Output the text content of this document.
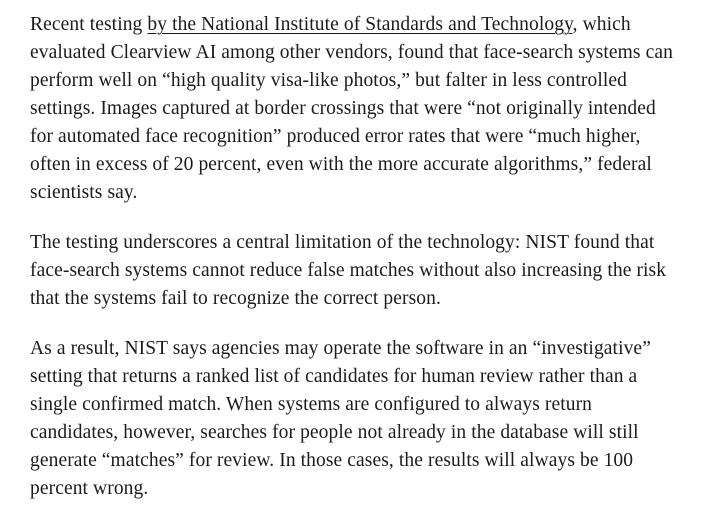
Recent testing by the National Institute of Standards and Technology, which evaluated Clearview AI among other vendors, found that face-search systems can perform well on “high quality visa-like photos,” but falter in less controlled settings. Images captured at border crossings that were “not originally intended for automated face recognition” produced error rates that were “much higher, often in excess of 20 percent, even with the more accurate algorithms,” federal scientists say.

The testing underscores a central limitation of the technology: NIST found that face-search systems cannot reduce false matches without also increasing the risk that the systems fail to recognize the correct person.

As a result, NIST says agencies may operate the software in an “investigative” setting that returns a ranked list of candidates for human review rather than a single confirmed match. When systems are configured to always return candidates, however, searches for people not already in the database will still generate “matches” for review. In those cases, the results will always be 100 percent wrong.
